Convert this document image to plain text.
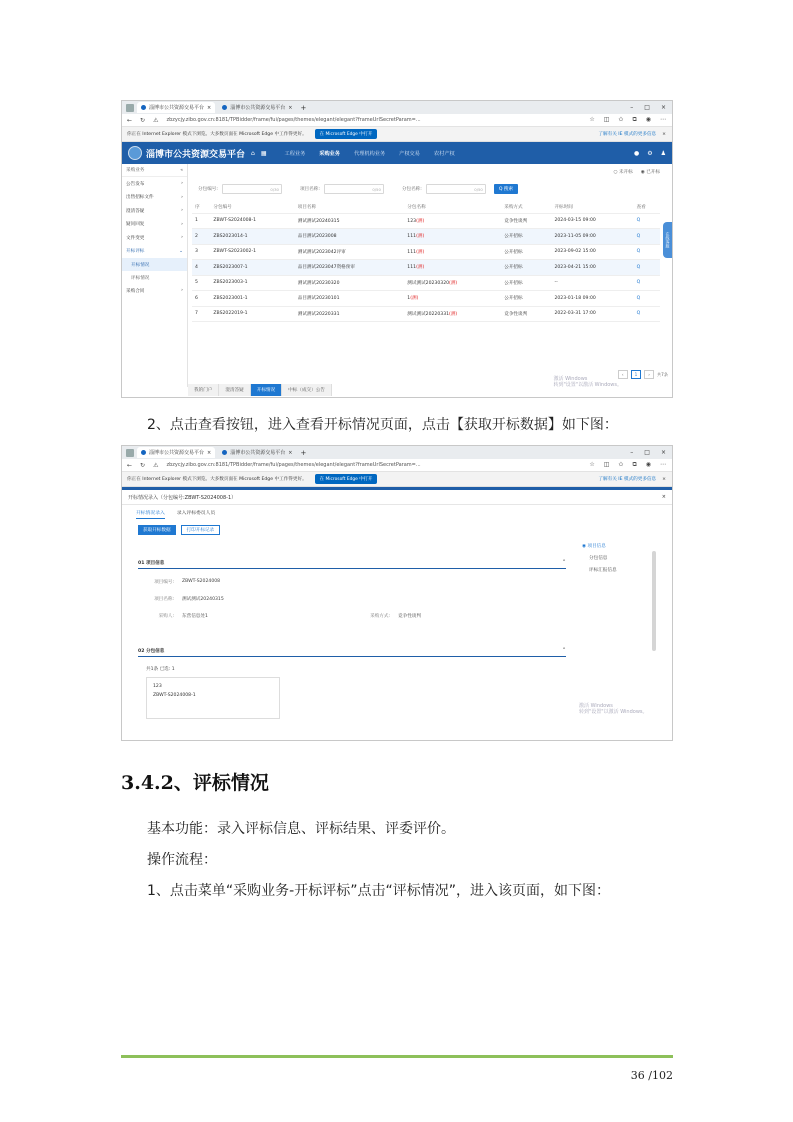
淄博市公共资源交易平台 ×	淄博市公共资源交易平台 × +	– □ ×
← ↻ ⚠ zbzycjy.zibo.gov.cn:8181/TPBidder/frame/fui/pages/themes/elegant/elegant?frameUrlSecretParam=...	☆ ◫ ✩ ⧉ ◉ ⋯
你正在 Internet Explorer 模式下浏览。大多数页面在 Microsoft Edge 中工作得更好。	在 Microsoft Edge 中打开	了解有关 IE 模式的更多信息 ×
淄博市公共资源交易平台 ⌂ ▦	工程业务	采购业务	代理机构业务	产权交易	农村产权	● ⚙ ♟
采购业务	«
公告发布	›
出售招标文件	›
澄清答疑	›
疑问回复	›
文件变更	›
开标评标	⌄
开标情况
评标情况
采购合同	›
○ 未开标 ◉ 已开标
分包编号:	0/30	项目名称:	0/50	分包名称:	0/50	Q 搜索
序	分包编号	项目名称	分包名称	采购方式	开标时间	查看
1	ZBWT-S2024008-1	测试测试20240315	123(测)	竞争性谈判	2024-03-15 09:00	Q
2	ZBS2023014-1	品目测试2023008	111(测)	公开招标	2023-11-05 09:00	Q
3	ZBWT-S2023002-1	测试测试2023042评审	111(测)	公开招标	2023-09-02 15:00	Q
4	ZBS2023007-1	品目测试2023047资格预审	111(测)	公开招标	2023-04-21 15:00	Q
5	ZBS2023003-1	测试测试20230320	测试测试20230320(测)	公开招标	--	Q
6	ZBS2023001-1	品目测试20230101	1(测)	公开招标	2023-01-18 09:00	Q
7	ZBS2022019-1	测试测试20220331	测试测试20220331(测)	竞争性谈判	2022-03-31 17:00	Q
‹	1	›	共7条
激活 Windows
转到"设置"以激活 Windows。
在线客服
我的门户	澄清答疑	开标情况	中标（成交）公告
2、点击查看按钮，进入查看开标情况页面，点击【获取开标数据】如下图：
淄博市公共资源交易平台 ×	淄博市公共资源交易平台 × +	– □ ×
← ↻ ⚠ zbzycjy.zibo.gov.cn:8181/TPBidder/frame/fui/pages/themes/elegant/elegant?frameUrlSecretParam=...	☆ ◫ ✩ ⧉ ◉ ⋯
你正在 Internet Explorer 模式下浏览。大多数页面在 Microsoft Edge 中工作得更好。	在 Microsoft Edge 中打开	了解有关 IE 模式的更多信息 ×
开标情况录入（分包编号:ZBWT-S2024008-1）	×
开标情况录入	录入评标委员人员
获取开标数据	打印开标记录
01 项目信息	⌃
项目编号: ZBWT-S2024008
项目名称: 测试测试20240315
采购人: 东营信息处1	采购方式: 竞争性谈判
02 分包信息	⌃
共1条 已选: 1
123
ZBWT-S2024008-1
◉ 项目信息
分包信息
评标汇报信息
激活 Windows
转到"设置"以激活 Windows。
3.4.2、评标情况
基本功能：录入评标信息、评标结果、评委评价。
操作流程：
1、点击菜单“采购业务-开标评标”点击“评标情况”，进入该页面，如下图：
36 /102
